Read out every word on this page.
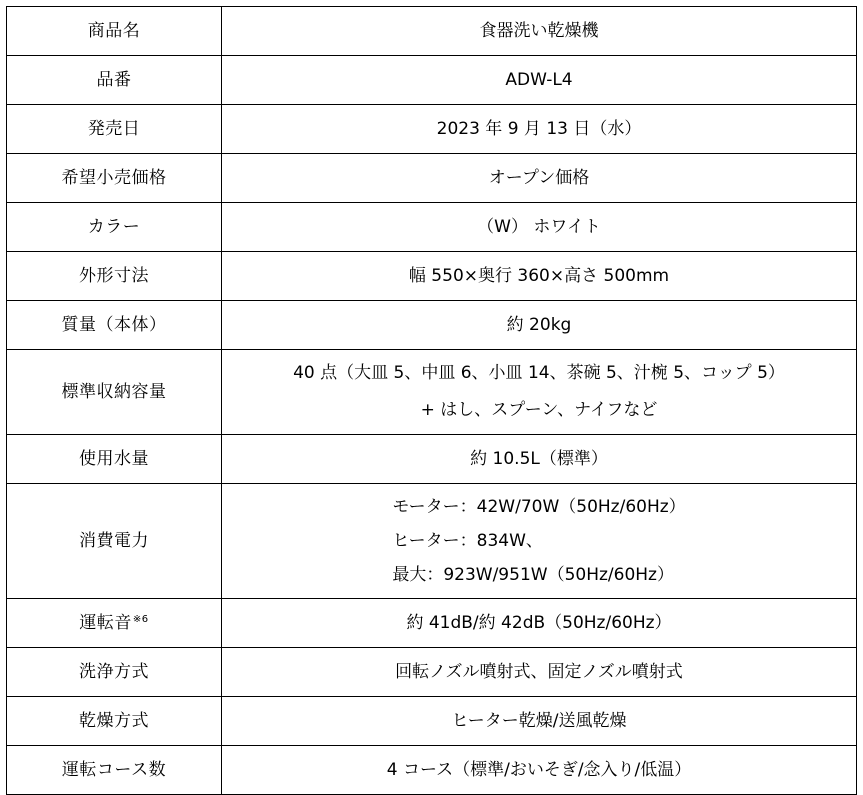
商品名	食器洗い乾燥機
品番	ADW-L4
発売日	2023 年 9 月 13 日（水）
希望小売価格	オープン価格
カラー	（W） ホワイト
外形寸法	幅 550×奥行 360×高さ 500mm
質量（本体）	約 20kg
標準収納容量	40 点（大皿 5、中皿 6、小皿 14、茶碗 5、汁椀 5、コップ 5）
+ はし、スプーン、ナイフなど

使用水量	約 10.5L（標準）
消費電力	モーター：42W/70W（50Hz/60Hz）
ヒーター：834W、
最大：923W/951W（50Hz/60Hz）

運転音$^{※6}$	約 41dB/約 42dB（50Hz/60Hz）
洗浄方式	回転ノズル噴射式、固定ノズル噴射式
乾燥方式	ヒーター乾燥/送風乾燥
運転コース数	4 コース（標準/おいそぎ/念入り/低温）
